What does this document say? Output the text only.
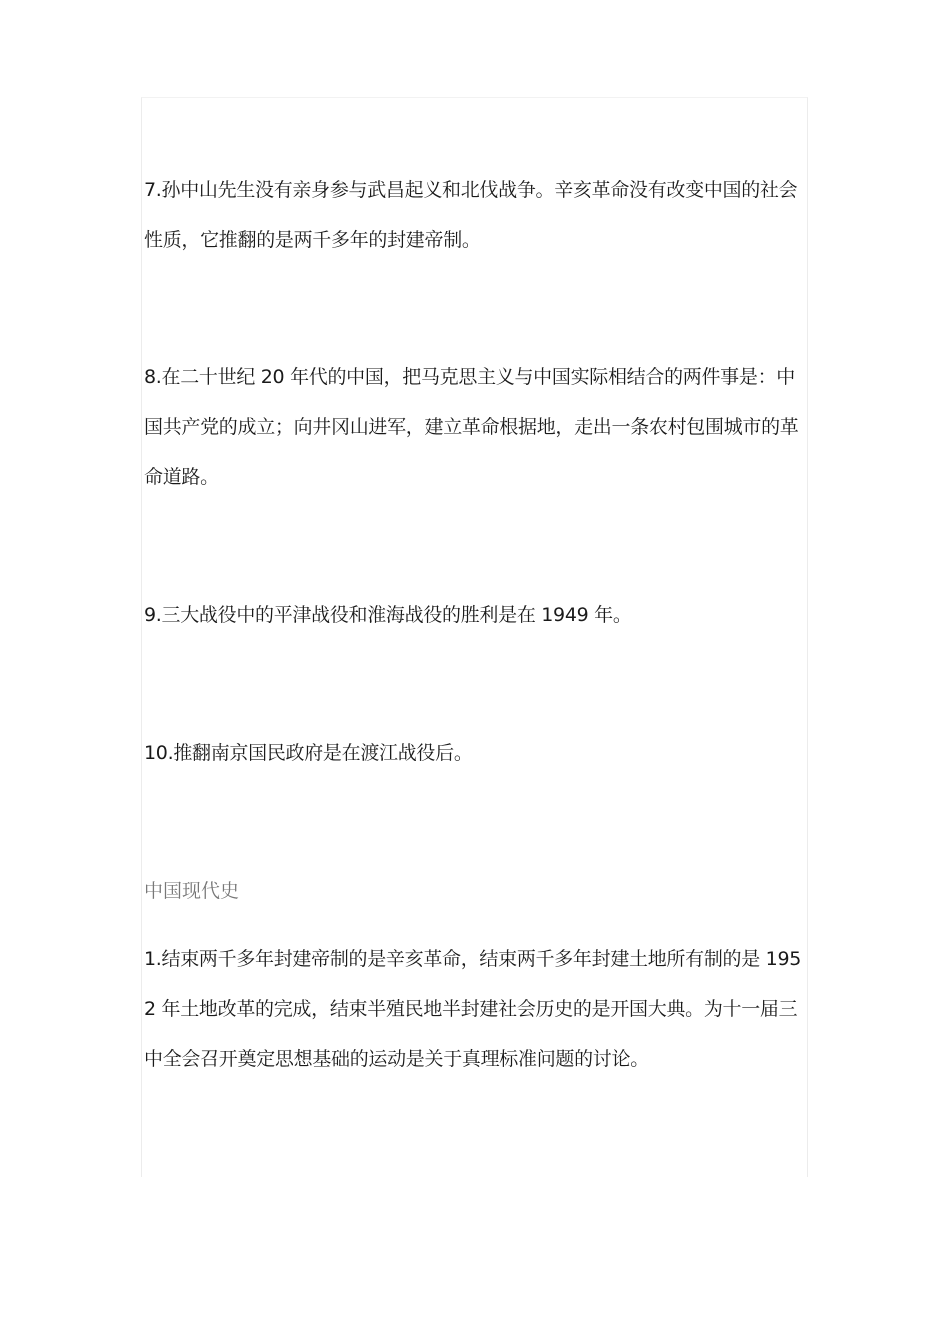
7.孙中山先生没有亲身参与武昌起义和北伐战争。辛亥革命没有改变中国的社会性质，它推翻的是两千多年的封建帝制。

8.在二十世纪 20 年代的中国，把马克思主义与中国实际相结合的两件事是：中国共产党的成立；向井冈山进军，建立革命根据地，走出一条农村包围城市的革命道路。

9.三大战役中的平津战役和淮海战役的胜利是在 1949 年。

10.推翻南京国民政府是在渡江战役后。

中国现代史

1.结束两千多年封建帝制的是辛亥革命，结束两千多年封建土地所有制的是 1952 年土地改革的完成，结束半殖民地半封建社会历史的是开国大典。为十一届三中全会召开奠定思想基础的运动是关于真理标准问题的讨论。
